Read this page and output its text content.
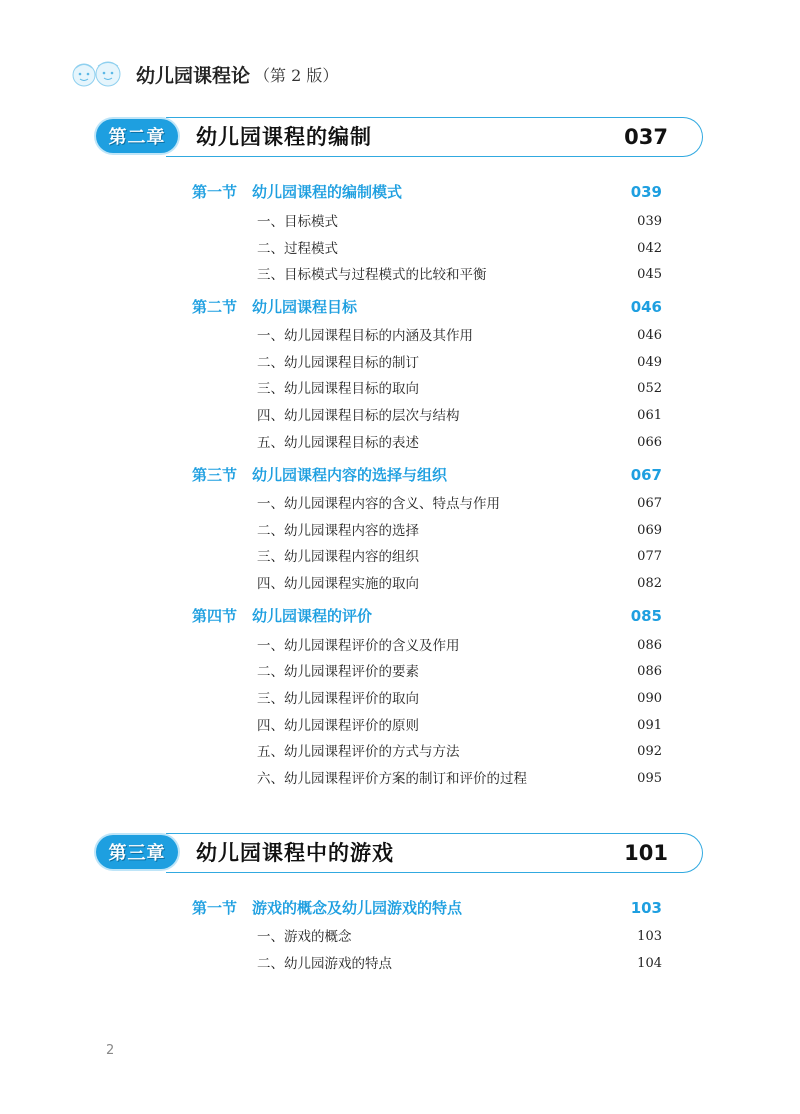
幼儿园课程论 （第 2 版）
第二章 幼儿园课程的编制	037
第一节 幼儿园课程的编制模式	039
一、目标模式	039
二、过程模式	042
三、目标模式与过程模式的比较和平衡	045
第二节 幼儿园课程目标	046
一、幼儿园课程目标的内涵及其作用	046
二、幼儿园课程目标的制订	049
三、幼儿园课程目标的取向	052
四、幼儿园课程目标的层次与结构	061
五、幼儿园课程目标的表述	066
第三节 幼儿园课程内容的选择与组织	067
一、幼儿园课程内容的含义、特点与作用	067
二、幼儿园课程内容的选择	069
三、幼儿园课程内容的组织	077
四、幼儿园课程实施的取向	082
第四节 幼儿园课程的评价	085
一、幼儿园课程评价的含义及作用	086
二、幼儿园课程评价的要素	086
三、幼儿园课程评价的取向	090
四、幼儿园课程评价的原则	091
五、幼儿园课程评价的方式与方法	092
六、幼儿园课程评价方案的制订和评价的过程	095
第三章 幼儿园课程中的游戏	101
第一节 游戏的概念及幼儿园游戏的特点	103
一、游戏的概念	103
二、幼儿园游戏的特点	104
2
